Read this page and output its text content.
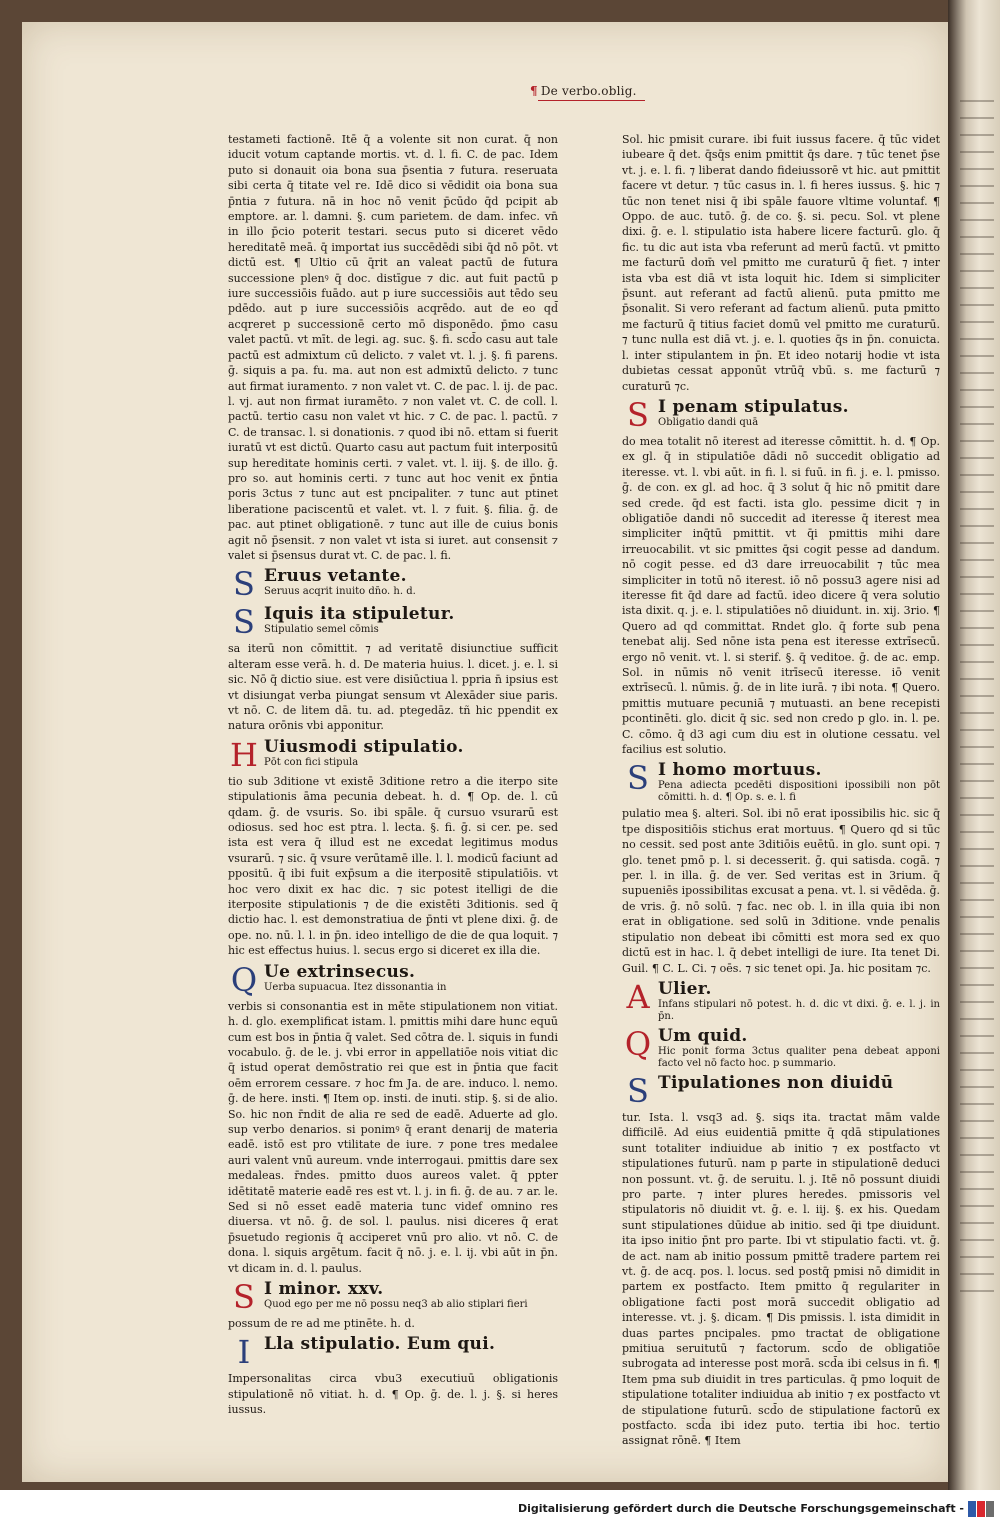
¶ De verbo.oblig.

testameti factionē. Itē q̄ a volente sit non curat. q̄ non iducit votum captande mortis. vt. d. l. fi. C. de pac. Idem puto si donauit oia bona sua p̄sentia ⁊ futura. reseruata sibi certa q̄ titate vel re. Idē dico si vēdidit oia bona sua p̄ntia ⁊ futura. nā in hoc nō venit p̄cūdo q̄d pcipit ab emptore. ar. l. damni. §. cum parietem. de dam. infec. vn̄ in illo p̄cio poterit testari. secus puto si diceret vēdo hereditatē meā. q̄ importat ius succēdēdi sibi q̄d nō pōt. vt dictū est. ¶ Ultio cū q̄rit an valeat pactū de futura successione plenꝰ q̄ doc. distīgue ⁊ dic. aut fuit pactū p iure successiōis fuādo. aut p iure successiōis aut tēdo seu pdēdo. aut p iure successiōis acqrēdo. aut de eo qd̄ acqreret p successionē certo mō disponēdo. p̄mo casu valet pactū. vt mīt. de legi. ag. suc. §. fi. scd̄o casu aut tale pactū est admixtum cū delicto. ⁊ valet vt. l. j. §. fi parens. ḡ. siquis a pa. fu. ma. aut non est admixtū delicto. ⁊ tunc aut firmat iuramento. ⁊ non valet vt. C. de pac. l. ij. de pac. l. vj. aut non firmat iuramēto. ⁊ non valet vt. C. de coll. l. pactū. tertio casu non valet vt hic. ⁊ C. de pac. l. pactū. ⁊ C. de transac. l. si donationis. ⁊ quod ibi nō. ettam si fuerit iuratū vt est dictū. Quarto casu aut pactum fuit interpositū sup hereditate hominis certi. ⁊ valet. vt. l. iij. §. de illo. ḡ. pro so. aut hominis certi. ⁊ tunc aut hoc venit ex p̄ntia poris 3ctus ⁊ tunc aut est pncipaliter. ⁊ tunc aut ptinet liberatione paciscentū et valet. vt. l. ⁊ fuit. §. filia. ḡ. de pac. aut ptinet obligationē. ⁊ tunc aut ille de cuius bonis agit nō p̄sensit. ⁊ non valet vt ista si iuret. aut consensit ⁊ valet si p̄sensus durat vt. C. de pac. l. fi.

S Eruus vetante.
Seruus acqrit inuito dn̄o. h. d.
S Iquis ita stipuletur.
Stipulatio semel cōmis

sa iterū non cōmittit. ⁊ ad veritatē disiunctiue sufficit alteram esse verā. h. d. De materia huius. l. dicet. j. e. l. si sic. Nō q̄ dictio siue. est vere disiūctiua l. ppria n̄ ipsius est vt disiungat verba piungat sensum vt Alexāder siue paris. vt nō. C. de litem dā. tu. ad. ptegedāz. tñ hic ppendit ex natura orōnis vbi apponitur.

H Uiusmodi stipulatio.
Pōt con fici stipula

tio sub 3ditione vt existē 3ditione retro a die iterpo site stipulationis āma pecunia debeat. h. d. ¶ Op. de. l. cū qdam. ḡ. de vsuris. So. ibi spāle. q̄ cursuo vsurarū est odiosus. sed hoc est ptra. l. lecta. §. fi. ḡ. si cer. pe. sed ista est vera q̄ illud est ne excedat legitimus modus vsurarū. ⁊ sic. q̄ vsure verūtamē ille. l. l. modicū faciunt ad ppositū. q̄ ibi fuit exp̄sum a die iterpositē stipulatiōis. vt hoc vero dixit ex hac dic. ⁊ sic potest itelligi de die iterposite stipulationis ⁊ de die existēti 3ditionis. sed q̄ dictio hac. l. est demonstratiua de p̄nti vt plene dixi. ḡ. de ope. no. nū. l. l. in p̄n. ideo intelligo de die de qua loquit. ⁊ hic est effectus huius. l. secus ergo si diceret ex illa die.

Q Ue extrinsecus.
Uerba supuacua. Itez dissonantia in

verbis si consonantia est in mēte stipulationem non vitiat. h. d. glo. exemplificat istam. l. pmittis mihi dare hunc equū cum est bos in p̄ntia q̄ valet. Sed cōtra de. l. siquis in fundi vocabulo. ḡ. de le. j. vbi error in appellatiōe nois vitiat dic q̄ istud operat demōstratio rei que est in p̄ntia que facit oēm errorem cessare. ⁊ hoc fm Ja. de are. induco. l. nemo. ḡ. de here. insti. ¶ Item op. insti. de inuti. stip. §. si de alio. So. hic non r̄ndit de alia re sed de eadē. Aduerte ad glo. sup verbo denarios. si ponimꝰ q̄ erant denarij de materia eadē. istō est pro vtilitate de iure. ⁊ pone tres medalee auri valent vnū aureum. vnde interrogaui. pmittis dare sex medaleas. r̄ndes. pmitto duos aureos valet. q̄ ppter idētitatē materie eadē res est vt. l. j. in fi. ḡ. de au. ⁊ ar. le. Sed si nō esset eadē materia tunc videf omnino res diuersa. vt nō. ḡ. de sol. l. paulus. nisi diceres q̄ erat p̄suetudo regionis q̄ acciperet vnū pro alio. vt nō. C. de dona. l. siquis argētum. facit q̄ nō. j. e. l. ij. vbi aūt in p̄n. vt dicam in. d. l. paulus.

S I minor. xxv.
Quod ego per me nō possu neq3 ab alio stiplari fieri

possum de re ad me ptinēte. h. d.

I Lla stipulatio. Eum qui.

Impersonalitas circa vbu3 executiuū obligationis stipulationē nō vitiat. h. d. ¶ Op. ḡ. de. l. j. §. si heres iussus.

Sol. hic pmisit curare. ibi fuit iussus facere. q̄ tūc videt iubeare q̄ det. q̄sq̄s enim pmittit q̄s dare. ⁊ tūc tenet p̄se vt. j. e. l. fi. ⁊ liberat dando fideiussorē vt hic. aut pmittit facere vt detur. ⁊ tūc casus in. l. fi heres iussus. §. hic ⁊ tūc non tenet nisi q̄ ibi spāle fauore vltime voluntaf. ¶ Oppo. de auc. tutō. ḡ. de co. §. si. pecu. Sol. vt plene dixi. ḡ. e. l. stipulatio ista habere licere facturū. glo. q̄ fic. tu dic aut ista vba referunt ad merū factū. vt pmitto me facturū dom̄ vel pmitto me curaturū q̄ fiet. ⁊ inter ista vba est diā vt ista loquit hic. Idem si simpliciter p̄sunt. aut referant ad factū alienū. puta pmitto me p̄sonalit. Si vero referant ad factum alienū. puta pmitto me facturū q̄ titius faciet domū vel pmitto me curaturū. ⁊ tunc nulla est diā vt. j. e. l. quoties q̄s in p̄n. conuicta. l. inter stipulantem in p̄n. Et ideo notarij hodie vt ista dubietas cessat apponūt vtrūq̄ vbū. s. me facturū ⁊ curaturū ⁊c.

S I penam stipulatus.
Obligatio dandi quā

do mea totalit nō iterest ad iteresse cōmittit. h. d. ¶ Op. ex gl. q̄ in stipulatiōe dādi nō succedit obligatio ad iteresse. vt. l. vbi aūt. in fi. l. si fuū. in fi. j. e. l. pmisso. ḡ. de con. ex gl. ad hoc. q̄ 3 solut q̄ hic nō pmitit dare sed crede. q̄d est facti. ista glo. pessime dicit ⁊ in obligatiōe dandi nō succedit ad iteresse q̄ iterest mea simpliciter inq̄tū pmittit. vt q̄i pmittis mihi dare irreuocabilit. vt sic pmittes q̄si cogit pesse ad dandum. nō cogit pesse. ed d3 dare irreuocabilit ⁊ tūc mea simpliciter in totū nō iterest. iō nō possu3 agere nisi ad iteresse fit q̄d dare ad factū. ideo dicere q̄ vera solutio ista dixit. q. j. e. l. stipulatiōes nō diuidunt. in. xij. 3rio. ¶ Quero ad qd committat. Rndet glo. q̄ forte sub pena tenebat alij. Sed nōne ista pena est iteresse extrīsecū. ergo nō venit. vt. l. si sterif. §. q̄ veditoe. ḡ. de ac. emp. Sol. in nūmis nō venit itrīsecū iteresse. iō venit extrīsecū. l. nūmis. ḡ. de in lite iurā. ⁊ ibi nota. ¶ Quero. pmittis mutuare pecuniā ⁊ mutuasti. an bene recepisti pcontinēti. glo. dicit q̄ sic. sed non credo p glo. in. l. pe. C. cōmo. q̄ d3 agi cum diu est in olutione cessatu. vel facilius est solutio.

S I homo mortuus.
Pena adiecta pcedēti dispositioni ipossibili non pōt cōmitti. h. d. ¶ Op. s. e. l. fi

pulatio mea §. alteri. Sol. ibi nō erat ipossibilis hic. sic q̄ tpe dispositiōis stichus erat mortuus. ¶ Quero qd si tūc no cessit. sed post ante 3ditiōis euētū. in glo. sunt opi. ⁊ glo. tenet pmō p. l. si decesserit. ḡ. qui satisda. cogā. ⁊ per. l. in illa. ḡ. de ver. Sed veritas est in 3rium. q̄ supueniēs ipossibilitas excusat a pena. vt. l. si vēdēda. ḡ. de vris. ḡ. nō solū. ⁊ fac. nec ob. l. in illa quia ibi non erat in obligatione. sed solū in 3ditione. vnde penalis stipulatio non debeat ibi cōmitti est mora sed ex quo dictū est in hac. l. q̄ debet intelligi de iure. Ita tenet Di. Guil. ¶ C. L. Ci. ⁊ oēs. ⁊ sic tenet opi. Ja. hic positam ⁊c.

A Ulier.
Infans stipulari nō potest. h. d. dic vt dixi. ḡ. e. l. j. in p̄n.
Q Um quid.
Hic ponit forma 3ctus qualiter pena debeat apponi facto vel nō facto hoc. p summario.
S Tipulationes non diuidū

tur. Ista. l. vsq3 ad. §. siqs ita. tractat mām valde difficilē. Ad eius euidentiā pmitte q̄ qdā stipulationes sunt totaliter indiuidue ab initio ⁊ ex postfacto vt stipulationes futurū. nam p parte in stipulationē deduci non possunt. vt. ḡ. de seruitu. l. j. Itē nō possunt diuidi pro parte. ⁊ inter plures heredes. pmissoris vel stipulatoris nō diuidit vt. ḡ. e. l. iij. §. ex his. Quedam sunt stipulationes dūidue ab initio. sed q̄i tpe diuidunt. ita ipso initio p̄nt pro parte. Ibi vt stipulatio facti. vt. ḡ. de act. nam ab initio possum pmittē tradere partem rei vt. ḡ. de acq. pos. l. locus. sed postq̄ pmisi nō dimidit in partem ex postfacto. Item pmitto q̄ regulariter in obligatione facti post morā succedit obligatio ad interesse. vt. j. §. dicam. ¶ Dis pmissis. l. ista dimidit in duas partes pncipales. pmo tractat de obligatione pmitiua seruitutū ⁊ factorum. scd̄o de obligatiōe subrogata ad interesse post morā. scd̄a ibi celsus in fi. ¶ Item pma sub diuidit in tres particulas. q̄ pmo loquit de stipulatione totaliter indiuidua ab initio ⁊ ex postfacto vt de stipulatione futurū. scd̄o de stipulatione factorū ex postfacto. scd̄a ibi idez puto. tertia ibi hoc. tertio assignat rōnē. ¶ Item

Digitalisierung gefördert durch die Deutsche Forschungsgemeinschaft -
